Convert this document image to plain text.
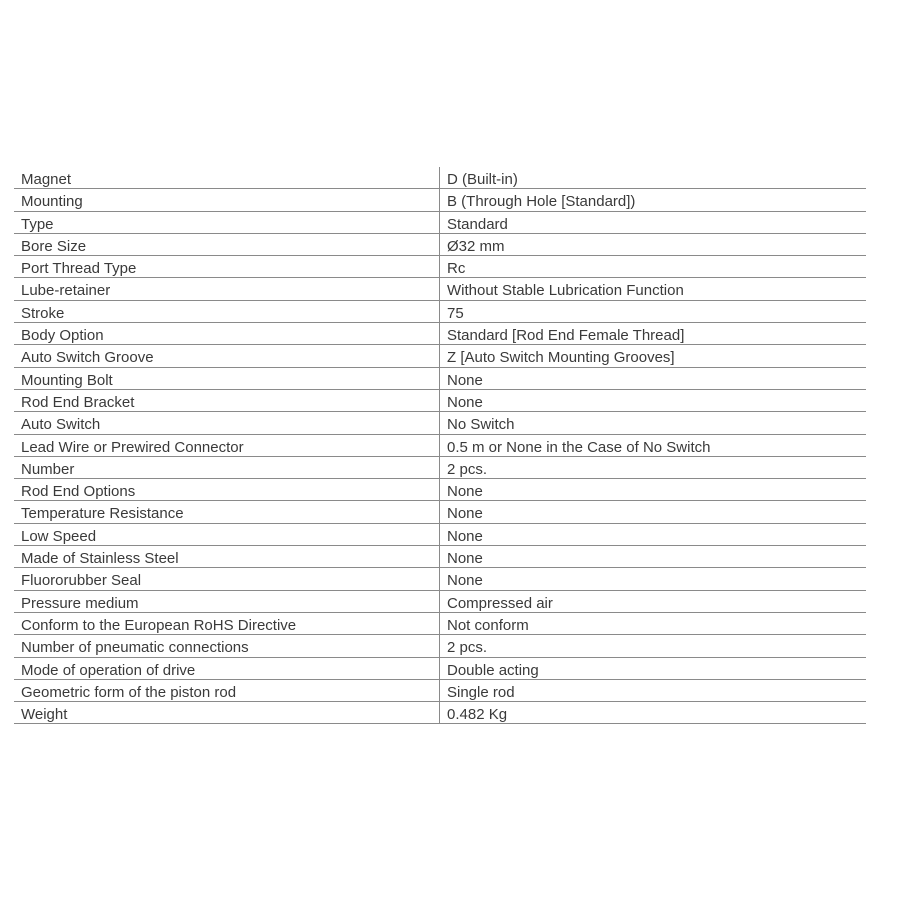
Magnet	D (Built-in)
Mounting	B (Through Hole [Standard])
Type	Standard
Bore Size	Ø32 mm
Port Thread Type	Rc
Lube-retainer	Without Stable Lubrication Function
Stroke	75
Body Option	Standard [Rod End Female Thread]
Auto Switch Groove	Z [Auto Switch Mounting Grooves]
Mounting Bolt	None
Rod End Bracket	None
Auto Switch	No Switch
Lead Wire or Prewired Connector	0.5 m or None in the Case of No Switch
Number	2 pcs.
Rod End Options	None
Temperature Resistance	None
Low Speed	None
Made of Stainless Steel	None
Fluororubber Seal	None
Pressure medium	Compressed air
Conform to the European RoHS Directive	Not conform
Number of pneumatic connections	2 pcs.
Mode of operation of drive	Double acting
Geometric form of the piston rod	Single rod
Weight	0.482 Kg
